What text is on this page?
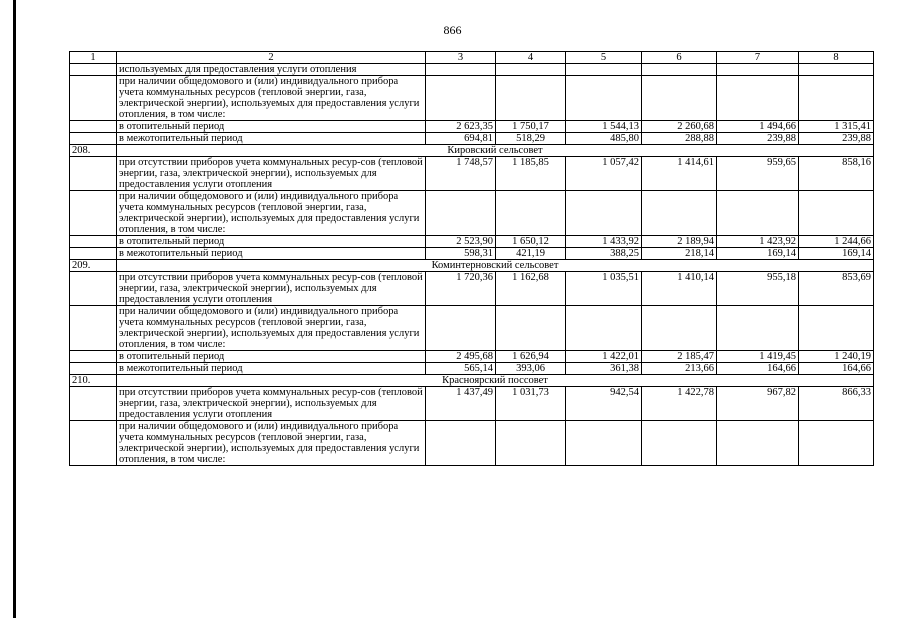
866
1	2	3	4	5	6	7	8
	используемых для предоставления услуги отопления						
	при наличии общедомового и (или) индивидуального прибора учета коммунальных ресурсов (тепловой энергии, газа, электрической энергии), используемых для предоставления услуги отопления, в том числе:						
	в отопительный период	2 623,35	1 750,17	1 544,13	2 260,68	1 494,66	1 315,41
	в межотопительный период	694,81	518,29	485,80	288,88	239,88	239,88
208.	Кировский сельсовет						
	при отсутствии приборов учета коммунальных ресур-сов (тепловой энергии, газа, электрической энергии), используемых для предоставления услуги отопления	1 748,57	1 185,85	1 057,42	1 414,61	959,65	858,16
	при наличии общедомового и (или) индивидуального прибора учета коммунальных ресурсов (тепловой энергии, газа, электрической энергии), используемых для предоставления услуги отопления, в том числе:						
	в отопительный период	2 523,90	1 650,12	1 433,92	2 189,94	1 423,92	1 244,66
	в межотопительный период	598,31	421,19	388,25	218,14	169,14	169,14
209.	Коминтерновский сельсовет						
	при отсутствии приборов учета коммунальных ресур-сов (тепловой энергии, газа, электрической энергии), используемых для предоставления услуги отопления	1 720,36	1 162,68	1 035,51	1 410,14	955,18	853,69
	при наличии общедомового и (или) индивидуального прибора учета коммунальных ресурсов (тепловой энергии, газа, электрической энергии), используемых для предоставления услуги отопления, в том числе:						
	в отопительный период	2 495,68	1 626,94	1 422,01	2 185,47	1 419,45	1 240,19
	в межотопительный период	565,14	393,06	361,38	213,66	164,66	164,66
210.	Красноярский поссовет						
	при отсутствии приборов учета коммунальных ресур-сов (тепловой энергии, газа, электрической энергии), используемых для предоставления услуги отопления	1 437,49	1 031,73	942,54	1 422,78	967,82	866,33
	при наличии общедомового и (или) индивидуального прибора учета коммунальных ресурсов (тепловой энергии, газа, электрической энергии), используемых для предоставления услуги отопления, в том числе:						
